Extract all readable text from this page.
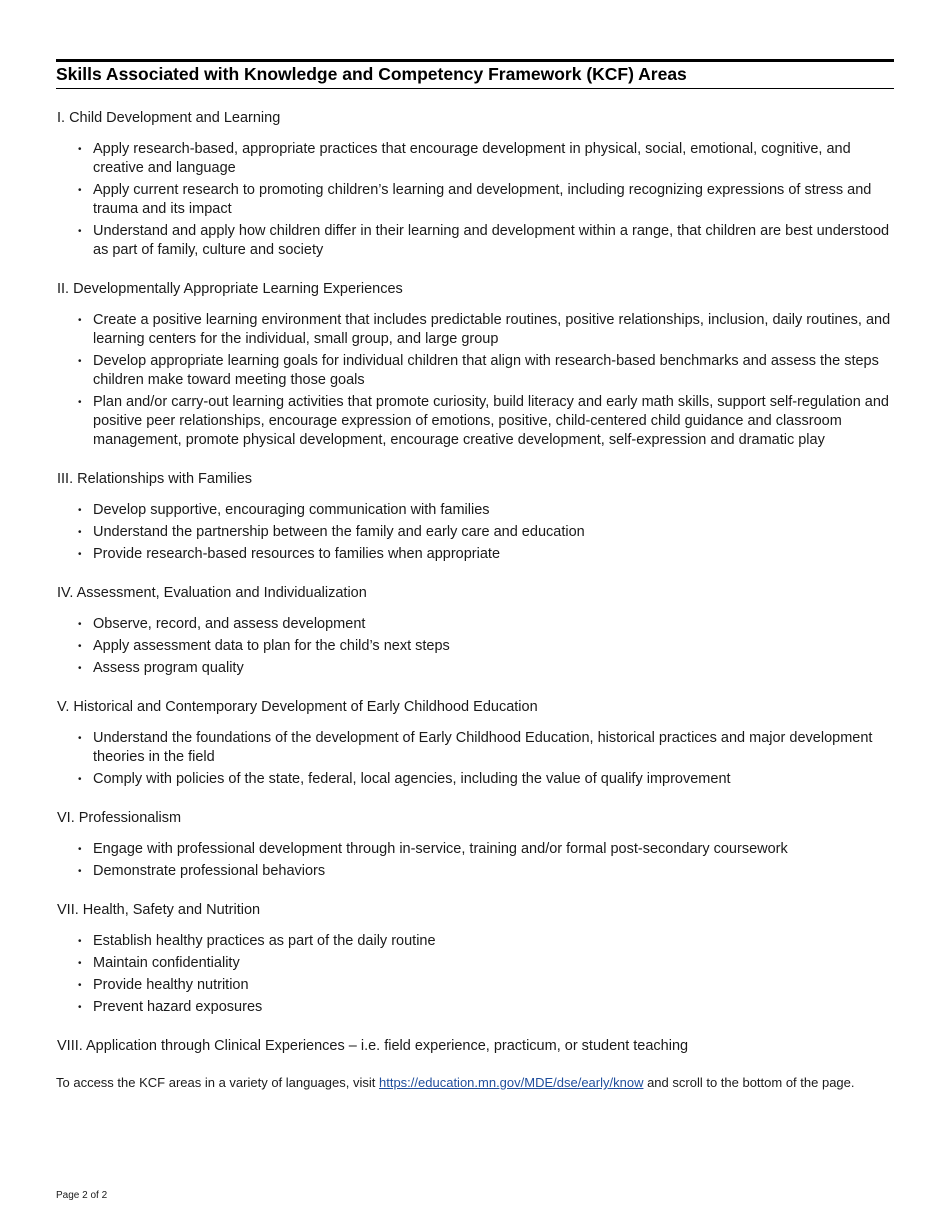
Skills Associated with Knowledge and Competency Framework (KCF) Areas

I. Child Development and Learning

• Apply research-based, appropriate practices that encourage development in physical, social, emotional, cognitive, and creative and language
• Apply current research to promoting children’s learning and development, including recognizing expressions of stress and trauma and its impact
• Understand and apply how children differ in their learning and development within a range, that children are best understood as part of family, culture and society

II. Developmentally Appropriate Learning Experiences

• Create a positive learning environment that includes predictable routines, positive relationships, inclusion, daily routines, and learning centers for the individual, small group, and large group
• Develop appropriate learning goals for individual children that align with research-based benchmarks and assess the steps children make toward meeting those goals
• Plan and/or carry-out learning activities that promote curiosity, build literacy and early math skills, support self-regulation and positive peer relationships, encourage expression of emotions, positive, child-centered child guidance and classroom management, promote physical development, encourage creative development, self-expression and dramatic play

III. Relationships with Families

• Develop supportive, encouraging communication with families
• Understand the partnership between the family and early care and education
• Provide research-based resources to families when appropriate

IV. Assessment, Evaluation and Individualization

• Observe, record, and assess development
• Apply assessment data to plan for the child’s next steps
• Assess program quality

V. Historical and Contemporary Development of Early Childhood Education

• Understand the foundations of the development of Early Childhood Education, historical practices and major development theories in the field
• Comply with policies of the state, federal, local agencies, including the value of qualify improvement

VI. Professionalism

• Engage with professional development through in-service, training and/or formal post-secondary coursework
• Demonstrate professional behaviors

VII. Health, Safety and Nutrition

• Establish healthy practices as part of the daily routine
• Maintain confidentiality
• Provide healthy nutrition
• Prevent hazard exposures

VIII. Application through Clinical Experiences – i.e. field experience, practicum, or student teaching

To access the KCF areas in a variety of languages, visit https://education.mn.gov/MDE/dse/early/know and scroll to the bottom of the page.

Page 2 of 2
